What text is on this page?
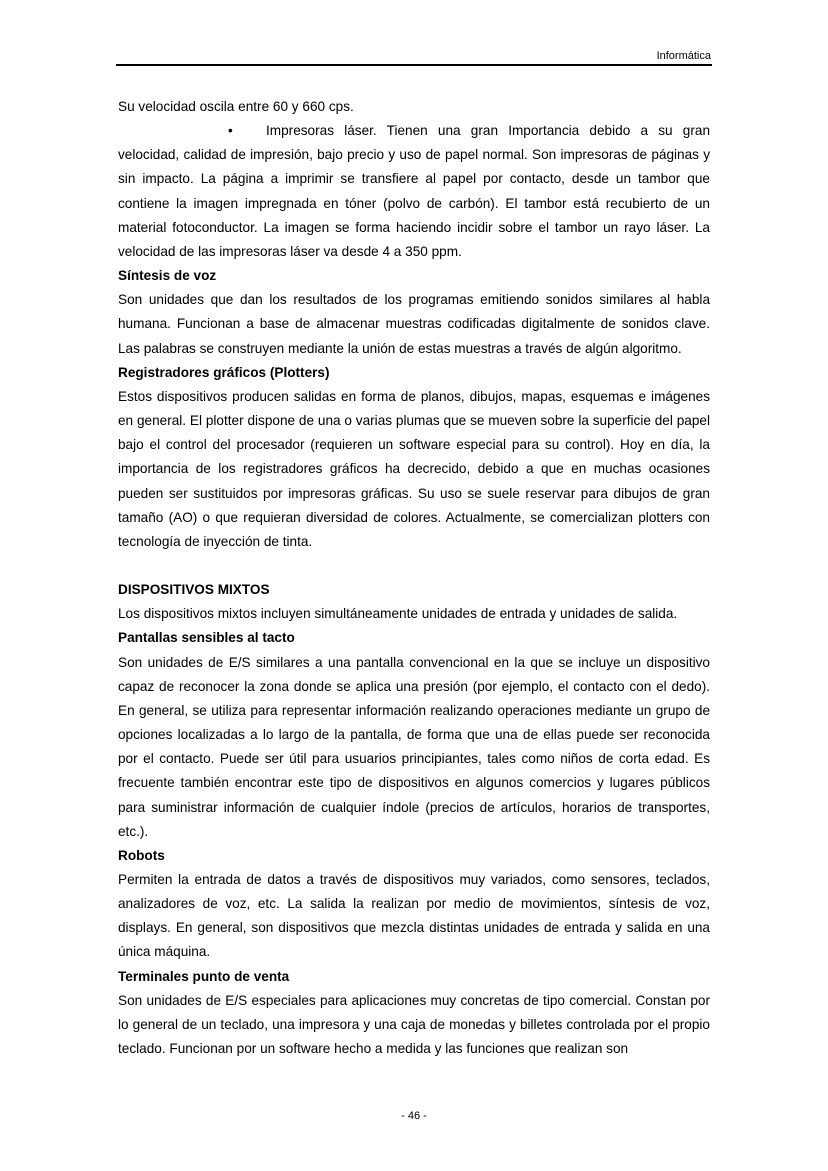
Informática

Su velocidad oscila entre 60 y 660 cps.

•	Impresoras láser. Tienen una gran Importancia debido a su gran

velocidad, calidad de impresión, bajo precio y uso de papel normal. Son impresoras de páginas y sin impacto. La página a imprimir se transfiere al papel por contacto, desde un tambor que contiene la imagen impregnada en tóner (polvo de carbón). El tambor está recubierto de un material fotoconductor. La imagen se forma haciendo incidir sobre el tambor un rayo láser. La velocidad de las impresoras láser va desde 4 a 350 ppm.

Síntesis de voz

Son unidades que dan los resultados de los programas emitiendo sonidos similares al habla humana. Funcionan a base de almacenar muestras codificadas digitalmente de sonidos clave. Las palabras se construyen mediante la unión de estas muestras a través de algún algoritmo.

Registradores gráficos (Plotters)

Estos dispositivos producen salidas en forma de planos, dibujos, mapas, esquemas e imágenes en general. El plotter dispone de una o varias plumas que se mueven sobre la superficie del papel bajo el control del procesador (requieren un software especial para su control). Hoy en día, la importancia de los registradores gráficos ha decrecido, debido a que en muchas ocasiones pueden ser sustituidos por impresoras gráficas. Su uso se suele reservar para dibujos de gran tamaño (AO) o que requieran diversidad de colores. Actualmente, se comercializan plotters con tecnología de inyección de tinta.

DISPOSITIVOS MIXTOS

Los dispositivos mixtos incluyen simultáneamente unidades de entrada y unidades de salida.

Pantallas sensibles al tacto

Son unidades de E/S similares a una pantalla convencional en la que se incluye un dispositivo capaz de reconocer la zona donde se aplica una presión (por ejemplo, el contacto con el dedo). En general, se utiliza para representar información realizando operaciones mediante un grupo de opciones localizadas a lo largo de la pantalla, de forma que una de ellas puede ser reconocida por el contacto. Puede ser útil para usuarios principiantes, tales como niños de corta edad. Es frecuente también encontrar este tipo de dispositivos en algunos comercios y lugares públicos para suministrar información de cualquier índole (precios de artículos, horarios de transportes, etc.).

Robots

Permiten la entrada de datos a través de dispositivos muy variados, como sensores, teclados, analizadores de voz, etc. La salida la realizan por medio de movimientos, síntesis de voz, displays. En general, son dispositivos que mezcla distintas unidades de entrada y salida en una única máquina.

Terminales punto de venta

Son unidades de E/S especiales para aplicaciones muy concretas de tipo comercial. Constan por lo general de un teclado, una impresora y una caja de monedas y billetes controlada por el propio teclado. Funcionan por un software hecho a medida y las funciones que realizan son

- 46 -
